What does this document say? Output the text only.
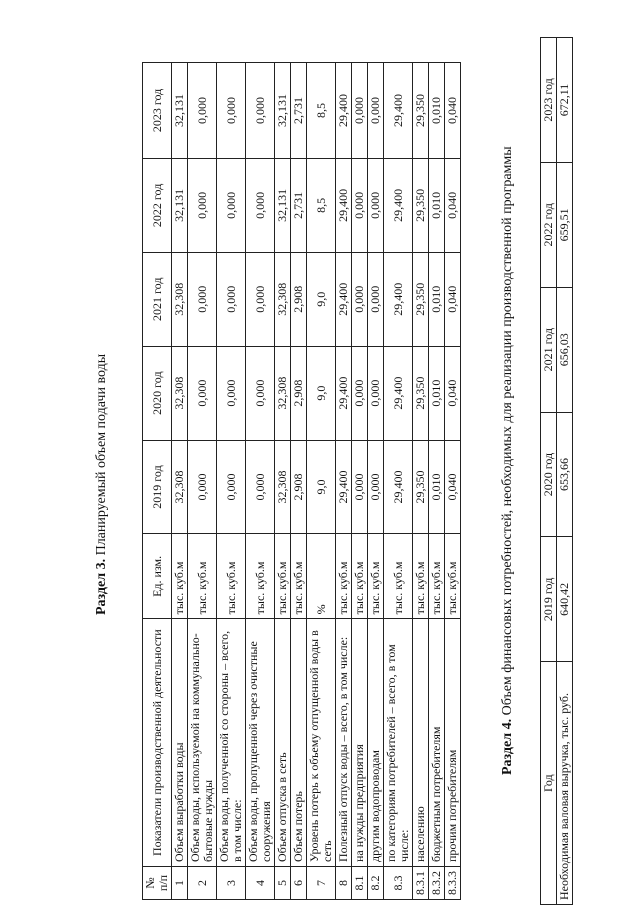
Раздел 3. Планируемый объем подачи воды
№ п/п	Показатели производственной деятельности	Ед. изм.	2019 год	2020 год	2021 год	2022 год	2023 год
1	Объем выработки воды	тыс. куб.м	32,308	32,308	32,308	32,131	32,131
2	Объем воды, используемой на коммунально-бытовые нужды	тыс. куб.м	0,000	0,000	0,000	0,000	0,000
3	Объем воды, полученной со стороны – всего, в том числе:	тыс. куб.м	0,000	0,000	0,000	0,000	0,000
4	Объем воды, пропущенной через очистные сооружения	тыс. куб.м	0,000	0,000	0,000	0,000	0,000
5	Объем отпуска в сеть	тыс. куб.м	32,308	32,308	32,308	32,131	32,131
6	Объем потерь	тыс. куб.м	2,908	2,908	2,908	2,731	2,731
7	Уровень потерь к объему отпущенной воды в сеть	%	9,0	9,0	9,0	8,5	8,5
8	Полезный отпуск воды – всего, в том числе:	тыс. куб.м	29,400	29,400	29,400	29,400	29,400
8.1	на нужды предприятия	тыс. куб.м	0,000	0,000	0,000	0,000	0,000
8.2	другим водопроводам	тыс. куб.м	0,000	0,000	0,000	0,000	0,000
8.3	по категориям потребителей – всего, в том числе:	тыс. куб.м	29,400	29,400	29,400	29,400	29,400
8.3.1	населению	тыс. куб.м	29,350	29,350	29,350	29,350	29,350
8.3.2	бюджетным потребителям	тыс. куб.м	0,010	0,010	0,010	0,010	0,010
8.3.3	прочим потребителям	тыс. куб.м	0,040	0,040	0,040	0,040	0,040
Раздел 4. Объем финансовых потребностей, необходимых для реализации производственной программы
Год	2019 год	2020 год	2021 год	2022 год	2023 год
Необходимая валовая выручка, тыс. руб.	640,42	653,66	656,03	659,51	672,11
